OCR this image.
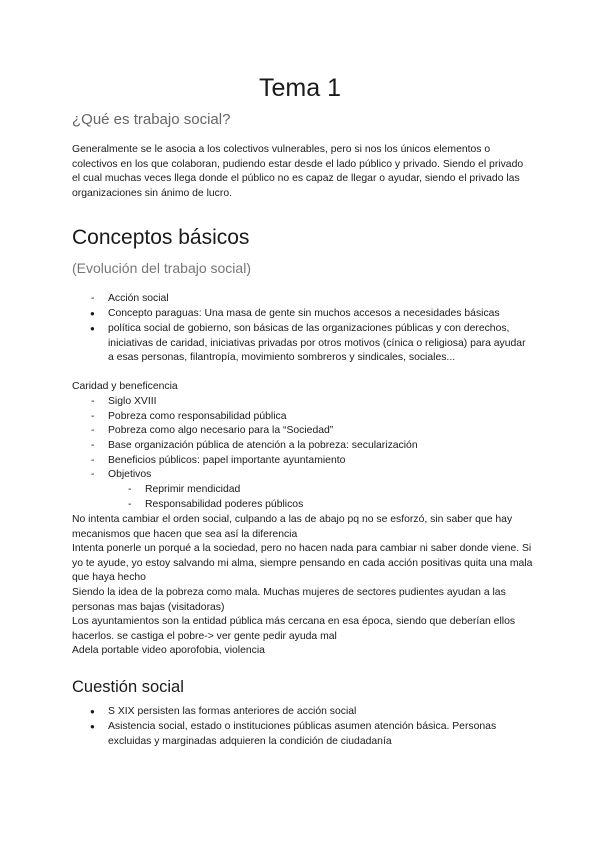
Tema 1
¿Qué es trabajo social?

Generalmente se le asocia a los colectivos vulnerables, pero si nos los únicos elementos o colectivos en los que colaboran, pudiendo estar desde el lado público y privado. Siendo el privado el cual muchas veces llega donde el público no es capaz de llegar o ayudar, siendo el privado las organizaciones sin ánimo de lucro.

Conceptos básicos
(Evolución del trabajo social)
- Acción social
● Concepto paraguas: Una masa de gente sin muchos accesos a necesidades básicas
● política social de gobierno, son básicas de las organizaciones públicas y con derechos, iniciativas de caridad, iniciativas privadas por otros motivos (cínica o religiosa) para ayudar a esas personas, filantropía, movimiento sombreros y sindicales, sociales...
Caridad y beneficencia
- Siglo XVIII
- Pobreza como responsabilidad pública
- Pobreza como algo necesario para la “Sociedad”
- Base organización pública de atención a la pobreza: secularización
- Beneficios públicos: papel importante ayuntamiento
- Objetivos
- Reprimir mendicidad
- Responsabilidad poderes públicos

No intenta cambiar el orden social, culpando a las de abajo pq no se esforzó, sin saber que hay mecanismos que hacen que sea así la diferencia

Intenta ponerle un porqué a la sociedad, pero no hacen nada para cambiar ni saber donde viene. Si yo te ayude, yo estoy salvando mi alma, siempre pensando en cada acción positivas quita una mala que haya hecho

Siendo la idea de la pobreza como mala. Muchas mujeres de sectores pudientes ayudan a las personas mas bajas (visitadoras)

Los ayuntamientos son la entidad pública más cercana en esa época, siendo que deberían ellos hacerlos. se castiga el pobre-> ver gente pedir ayuda mal

Adela portable video aporofobia, violencia

Cuestión social
● S XIX persisten las formas anteriores de acción social
● Asistencia social, estado o instituciones públicas asumen atención básica. Personas excluidas y marginadas adquieren la condición de ciudadanía
